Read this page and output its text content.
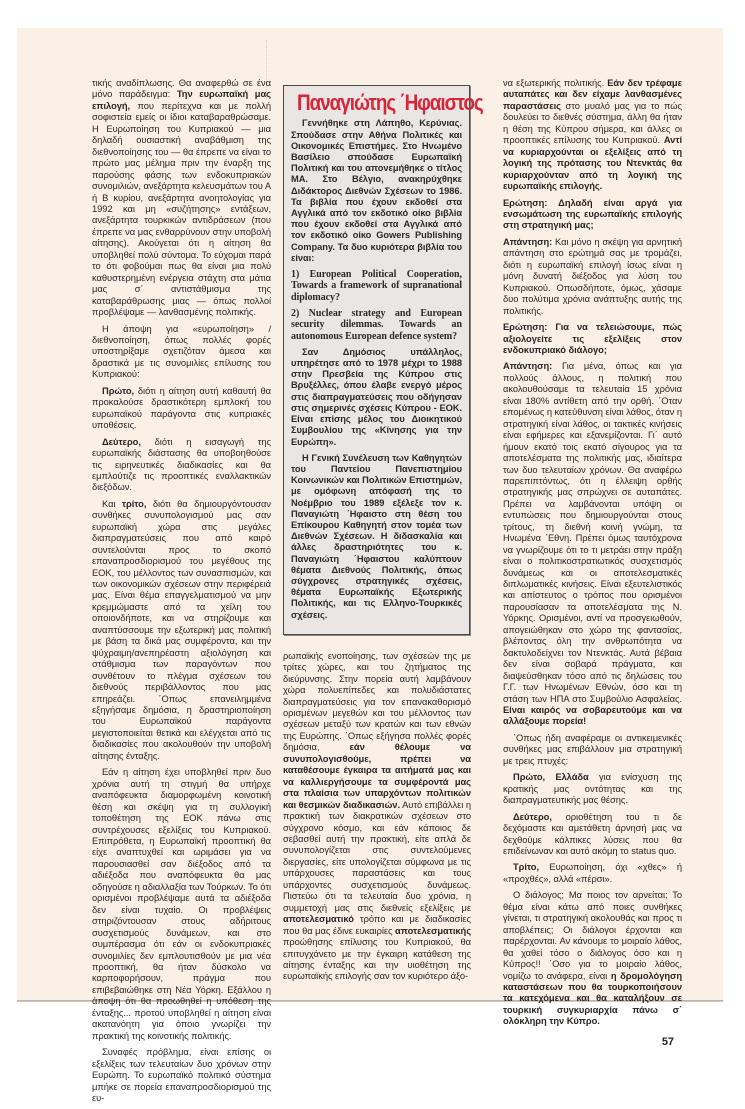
τικής αναδίπλωσης. Θα αναφερθώ σε ένα μόνο παράδειγμα: Την ευρωπαϊκή μας επιλογή, που περίτεχνα και με πολλή σοφιστεία εμείς οι ίδιοι καταβαραθρώσαμε. Η Ευρωποίηση του Κυπριακού — μια δηλαδή ουσιαστική αναβάθμιση της διεθνοποίησης του — θα έπρεπε να είναι το πρώτο μας μέλημα πριν την έναρξη της παρούσης φάσης των ενδοκυπριακών συνομιλιών, ανεξάρτητα κελευσμάτων του Α ή Β κυρίου, ανεξάρτητα ανοητολογίας για 1992 και μη «συζήτησης» εντάξεων, ανεξάρτητα τουρκικών αντιδράσεων (που έπρεπε να μας ενθαρρύνουν στην υποβολή αίτησης). Ακούγεται ότι η αίτηση θα υποβληθεί πολύ σύντομα. Το εύχομαι παρά το ότι φοβούμαι πως θα είναι μια πολύ καθυστερημένη ενέργεια στάχτη στα μάτια μας σ΄ αντιστάθμισμα της καταβαράθρωσης μιας — όπως πολλοί προβλέψαμε — λανθασμένης πολιτικής.

Η άποψη για «ευρωποίηση» / διεθνοποίηση, όπως πολλές φορές υποστηρίξαμε σχετιζόταν άμεσα και δραστικά με τις συνομιλίες επίλυσης του Κυπριακού:

Πρώτο, διότι η αίτηση αυτή καθαυτή θα προκαλούσε δραστικότερη εμπλοκή του ευρωπαϊκού παράγοντα στις κυπριακές υποθέσεις.

Δεύτερο, διότι η εισαγωγή της ευρωπαϊκής διάστασης θα υποβοηθούσε τις ειρηνευτικές διαδικασίες και θα εμπλούτιζε τις προοπτικές εναλλακτικών διεξόδων.

Και τρίτο, διότι θα δημιουργόντουσαν συνθήκες συνυπολογισμού μας σαν ευρωπαϊκή χώρα στις μεγάλες διαπραγματεύσεις που από καιρό συντελούνται προς το σκοπό επαναπροσδιορισμού του μεγέθους της ΕΟΚ, του μέλλοντος των συνασπισμών, και των οικονομικών σχέσεων στην περιφέρειά μας. Είναι θέμα επαγγελματισμού να μην κρεμμώμαστε από τα χείλη του οποιονδήποτε, και να στηρίζουμε και αναπτύσσουμε την εξωτερική μας πολιτική με βάση τα δικά μας συμφέροντα, και την ψύχραιμη/ανεπηρέαστη αξιολόγηση και στάθμισμα των παραγόντων που συνθέτουν το πλέγμα σχέσεων του διεθνούς περιβάλλοντος που μας επηρεάζει. ΄Οπως επανειλημμένα εξηγήσαμε δημόσια, η δραστηριοποίηση του Ευρωπαϊκού παράγοντα μεγιστοποιείται θετικά και ελέγχεται από τις διαδικασίες που ακολουθούν την υποβολή αίτησης ένταξης.

Εάν η αίτηση έχει υποβληθεί πριν δυο χρόνια αυτή τη στιγμή θα υπήρχε αναπόφευκτα διαμορφωμένη κοινοτική θέση και σκέψη για τη συλλογική τοποθέτηση της ΕΟΚ πάνω στις συντρέχουσες εξελίξεις του Κυπριακού. Επιπρόθετα, η Ευρωπαϊκή προοπτική θα είχε αναπτυχθεί και ωριμάσει για να παρουσιασθεί σαν διέξοδος από τα αδιέξοδα που αναπόφευκτα θα μας οδηγούσε η αδιαλλαξία των Τούρκων. Το ότι ορισμένοι προβλέψαμε αυτά τα αδιέξοδα δεν είναι τυχαίο. Οι προβλέψεις στηριζόντουσαν στους αδήριτους συσχετισμούς δυνάμεων, και στο συμπέρασμα ότι εάν οι ενδοκυπριακές συνομιλίες δεν εμπλουτισθούν με μια νέα προοπτική, θα ήταν δύσκολο να καρποφορήσουν, πράγμα που επιβεβαιώθηκε στη Νέα Υόρκη. Εξάλλου η άποψη ότι θα προωθηθεί η υπόθεση της ένταξης... προτού υποβληθεί η αίτηση είναι ακατανόητη για όποιο γνωρίζει την πρακτική της κοινοτικής πολιτικής.

Συναφές πρόβλημα, είναι επίσης οι εξελίξεις των τελευταίων δυο χρόνων στην Ευρώπη. Το ευρωπαϊκό πολιτικό σύστημα μπήκε σε πορεία επαναπροσδιορισμού της ευ-

Παναγιώτης ΄Ηφαιστος

Γεννήθηκε στη Λάπηθο, Κερύνιας. Σπούδασε στην Αθήνα Πολιτικές και Οικονομικές Επιστήμες. Στο Ηνωμένο Βασίλειο σπούδασε Ευρωπαϊκή Πολιτική και του απονεμήθηκε ο τίτλος ΜΑ. Στο Βέλγιο, ανακηρύχθηκε Διδάκτορος Διεθνών Σχέσεων το 1986. Τα βιβλία που έχουν εκδοθεί στα Αγγλικά από τον εκδοτικό οίκο βιβλία που έχουν εκδοθεί στα Αγγλικά από τον εκδοτικό οίκο Gowers Publishing Company. Τα δυο κυριότερα βιβλία του είναι:

1) European Political Cooperation, Towards a framework of supranational diplomacy?

2) Nuclear strategy and European security dilemmas. Towards an autonomous European defence system?

Σαν Δημόσιος υπάλληλος, υπηρέτησε από το 1978 μέχρι το 1988 στην Πρεσβεία της Κύπρου στις Βρυξέλλες, όπου έλαβε ενεργό μέρος στις διαπραγματεύσεις που οδήγησαν στις σημερινές σχέσεις Κύπρου - ΕΟΚ. Είναι επίσης μέλος του Διοικητικού Συμβουλίου της «Κίνησης για την Ευρώπη».

Η Γενική Συνέλευση των Καθηγητών του Παντείου Πανεπιστημίου Κοινωνικών και Πολιτικών Επιστημών, με ομόφωνη απόφασή της το Νοέμβριο του 1989 εξέλεξε τον κ. Παναγιώτη ΄Ηφαιστο στη θέση του Επίκουρου Καθηγητή στον τομέα των Διεθνών Σχέσεων. Η διδασκαλία και άλλες δραστηριότητες του κ. Παναγιώτη ΄Ηφαιστου καλύπτουν θέματα Διεθνούς Πολιτικής, όπως σύγχρονες στρατηγικές σχέσεις, θέματα Ευρωπαϊκής Εξωτερικής Πολιτικής, και τις Ελληνο-Τουρκικές σχέσεις.

ρωπαϊκής ενοποίησης, των σχέσεών της με τρίτες χώρες, και του ζητήματος της διεύρυνσης. Στην πορεία αυτή λαμβάνουν χώρα πολυεπίπεδες και πολυδιάστατες διαπραγματεύσεις για τον επανακαθορισμό ορισμένων μεγεθών και του μέλλοντος των σχέσεων μεταξύ των κρατών και των εθνών της Ευρώπης. ΄Οπως εξήγησα πολλές φορές δημόσια, εάν θέλουμε να συνυπολογισθούμε, πρέπει να καταθέσουμε έγκαιρα τα αιτήματά μας και να καλλιεργήσουμε τα συμφέροντά μας στα πλαίσια των υπαρχόντων πολιτικών και θεσμικών διαδικασιών. Αυτό επιβάλλει η πρακτική των διακρατικών σχέσεων στο σύγχρονο κόσμο, και εάν κάποιος δε σεβασθεί αυτή την πρακτική, είτε απλά δε συνυπολογίζεται στις συντελούμενες διεργασίες, είτε υπολογίζεται σύμφωνα με τις υπάρχουσες παραστάσεις και τους υπάρχοντες συσχετισμούς δυνάμεως. Πιστεύω ότι τα τελευταία δυο χρόνια, η συμμετοχή μας στις διεθνείς εξελίξεις με αποτελεσματικό τρόπο και με διαδικασίες που θα μας έδινε ευκαιρίες αποτελεσματικής προώθησης επίλυσης του Κυπριακού, θα επιτυγχάνετο με την έγκαιρη κατάθεση της αίτησης ένταξης και την υιοθέτηση της ευρωπαϊκής επιλογής σαν τον κυριότερο άξο-

να εξωτερικής πολιτικής. Εάν δεν τρέφαμε αυταπάτες και δεν είχαμε λανθασμένες παραστάσεις στο μυαλό μας για το πώς δουλεύει το διεθνές σύστημα, άλλη θα ήταν η θέση της Κύπρου σήμερα, και άλλες οι προοπτικές επίλυσης του Κυπριακού. Αντί να κυριαρχούνται οι εξελίξεις από τη λογική της πρότασης του Ντενκτάς θα κυριαρχούνταν από τη λογική της ευρωπαϊκής επιλογής.

Ερώτηση: Δηλαδή είναι αργά για ενσωμάτωση της ευρωπαϊκής επιλογής στη στρατηγική μας;

Απάντηση: Και μόνο η σκέψη για αρνητική απάντηση στο ερώτημά σας με τρομάζει, διότι η ευρωπαϊκή επιλογή ίσως είναι η μόνη δυνατή διέξοδος για λύση του Κυπριακού. Οπωσδήποτε, όμως, χάσαμε δυο πολύτιμα χρόνια ανάπτυξης αυτής της πολιτικής.

Ερώτηση: Για να τελειώσουμε, πώς αξιολογείτε τις εξελίξεις στον ενδοκυπριακό διάλογο;

Απάντηση: Για μένα, όπως και για πολλούς άλλους, η πολιτική που ακολουθούσαμε τα τελευταία 15 χρόνια είναι 180% αντίθετη από την ορθή. ΄Οταν επομένως η κατεύθυνση είναι λάθος, όταν η στρατηγική είναι λάθος, οι τακτικές κινήσεις είναι εφήμερες και εξανεμίζονται. Γι΄ αυτό ήμουν εκατό τοις εκατό σίγουρος για τα αποτελέσματα της πολιτικής μας, ιδιαίτερα των δυο τελευταίων χρόνων. Θα αναφέρω παρεπιπτόντως, ότι η έλλειψη ορθής στρατηγικής μας σπρώχνει σε αυταπάτες. Πρέπει να λαμβάνονται υπόψη οι εντυπώσεις που δημιουργούνται στους τρίτους, τη διεθνή κοινή γνώμη, τα Ηνωμένα ΄Εθνη. Πρέπει όμως ταυτόχρονα να γνωρίζουμε ότι το τι μετράει στην πράξη είναι ο πολιτικοστρατιωτικός συσχετισμός δυνάμεως και οι αποτελεσματικές διπλωματικές κινήσεις. Είναι εξευτελιστικός και απίστευτος ο τρόπος που ορισμένοι παρουσίασαν τα αποτελέσματα της Ν. Υόρκης. Ορισμένοι, αντί να προσγειωθούν, απογειώθηκαν στο χώρο της φαντασίας, βλέποντας όλη την ανθρωπότητα να δακτυλοδείχνει τον Ντενκτάς. Αυτά βέβαια δεν είναι σοβαρά πράγματα, και διαψεύσθηκαν τόσο από τις δηλώσεις του Γ.Γ. των Ηνωμένων Εθνών, όσο και τη στάση των ΗΠΑ στο Συμβούλιο Ασφαλείας. Είναι καιρός να σοβαρευτούμε και να αλλάξουμε πορεία!

΄Οπως ήδη αναφέραμε οι αντικειμενικές συνθήκες μας επιβάλλουν μια στρατηγική με τρεις πτυχές:

Πρώτο, Ελλάδα για ενίσχυση της κρατικής μας οντότητας και της διαπραγματευτικής μας θέσης.

Δεύτερο, οριοθέτηση του τι δε δεχόμαστε και αμετάθετη άρνησή μας να δεχθούμε κάλπικες λύσεις που θα επιδείνωναν και αυτό ακόμη το status quo.

Τρίτο, Ευρωποίηση, όχι «χθες» ή «προχθές», αλλά «πέρσι».

Ο διάλογος; Μα ποιος τον αρνείται; Το θέμα είναι κάτω από ποιες συνθήκες γίνεται, τι στρατηγική ακολουθάς και προς τι αποβλέπεις; Οι διάλογοι έρχονται και παρέρχονται. Αν κάνουμε το μοιραίο λάθος, θα χαθεί τόσο ο διάλογος όσο και η Κύπρος!! ΄Οσο για το μοιραίο λάθος, νομίζω το ανάφερα, είναι η δρομολόγηση καταστάσεων που θα τουρκοποιήσουν τα κατεχόμενα και θα καταλήξουν σε τουρκική συγκυριαρχία πάνω σ΄ ολόκληρη την Κύπρο.

57
